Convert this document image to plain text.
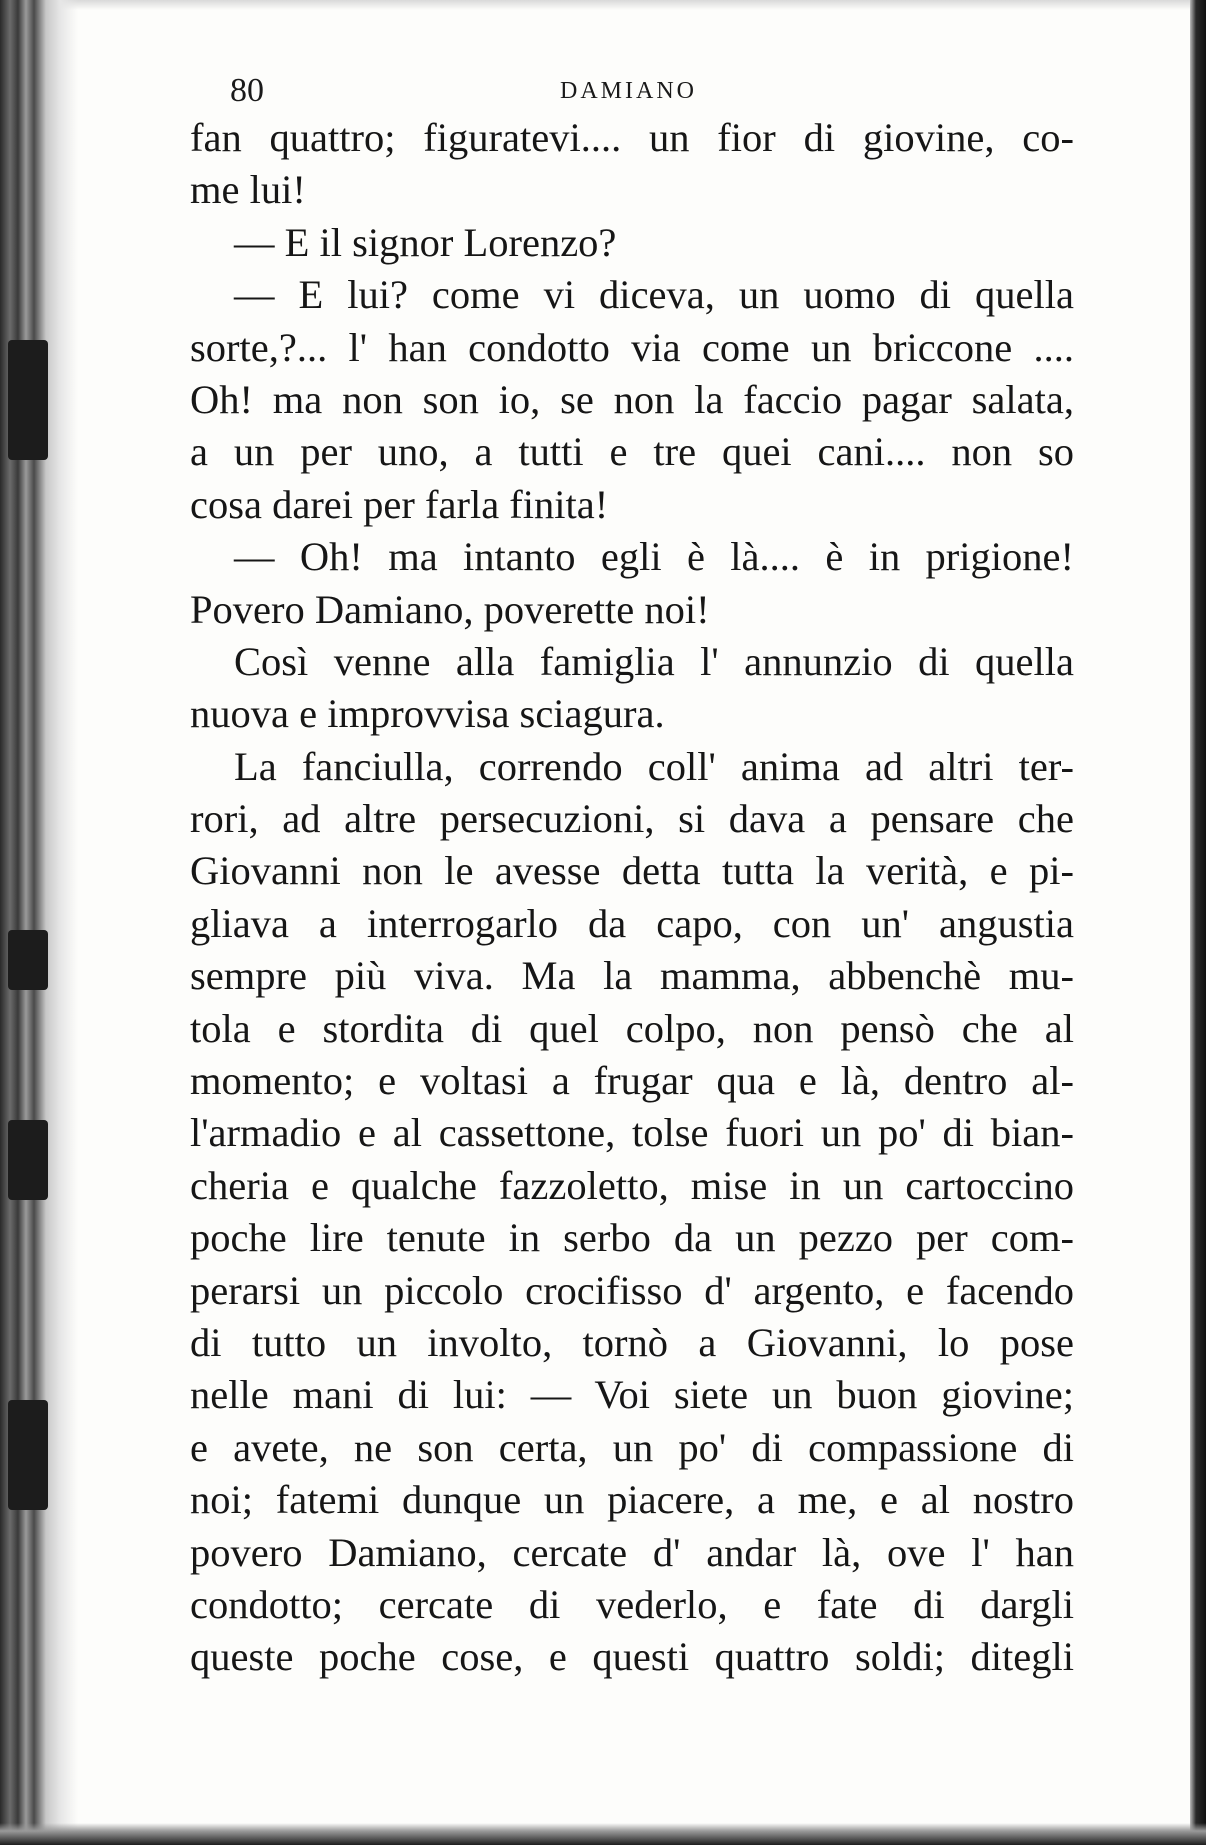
80	DAMIANO
fan quattro; figuratevi.... un fior di giovine, co-
me lui!
— E il signor Lorenzo?
— E lui? come vi diceva, un uomo di quella
sorte,?... l' han condotto via come un briccone ....
Oh! ma non son io, se non la faccio pagar salata,
a un per uno, a tutti e tre quei cani.... non so
cosa darei per farla finita!
— Oh! ma intanto egli è là.... è in prigione!
Povero Damiano, poverette noi!
Così venne alla famiglia l' annunzio di quella
nuova e improvvisa sciagura.
La fanciulla, correndo coll' anima ad altri ter-
rori, ad altre persecuzioni, si dava a pensare che
Giovanni non le avesse detta tutta la verità, e pi-
gliava a interrogarlo da capo, con un' angustia
sempre più viva. Ma la mamma, abbenchè mu-
tola e stordita di quel colpo, non pensò che al
momento; e voltasi a frugar qua e là, dentro al-
l'armadio e al cassettone, tolse fuori un po' di bian-
cheria e qualche fazzoletto, mise in un cartoccino
poche lire tenute in serbo da un pezzo per com-
perarsi un piccolo crocifisso d' argento, e facendo
di tutto un involto, tornò a Giovanni, lo pose
nelle mani di lui: — Voi siete un buon giovine;
e avete, ne son certa, un po' di compassione di
noi; fatemi dunque un piacere, a me, e al nostro
povero Damiano, cercate d' andar là, ove l' han
condotto; cercate di vederlo, e fate di dargli
queste poche cose, e questi quattro soldi; ditegli
